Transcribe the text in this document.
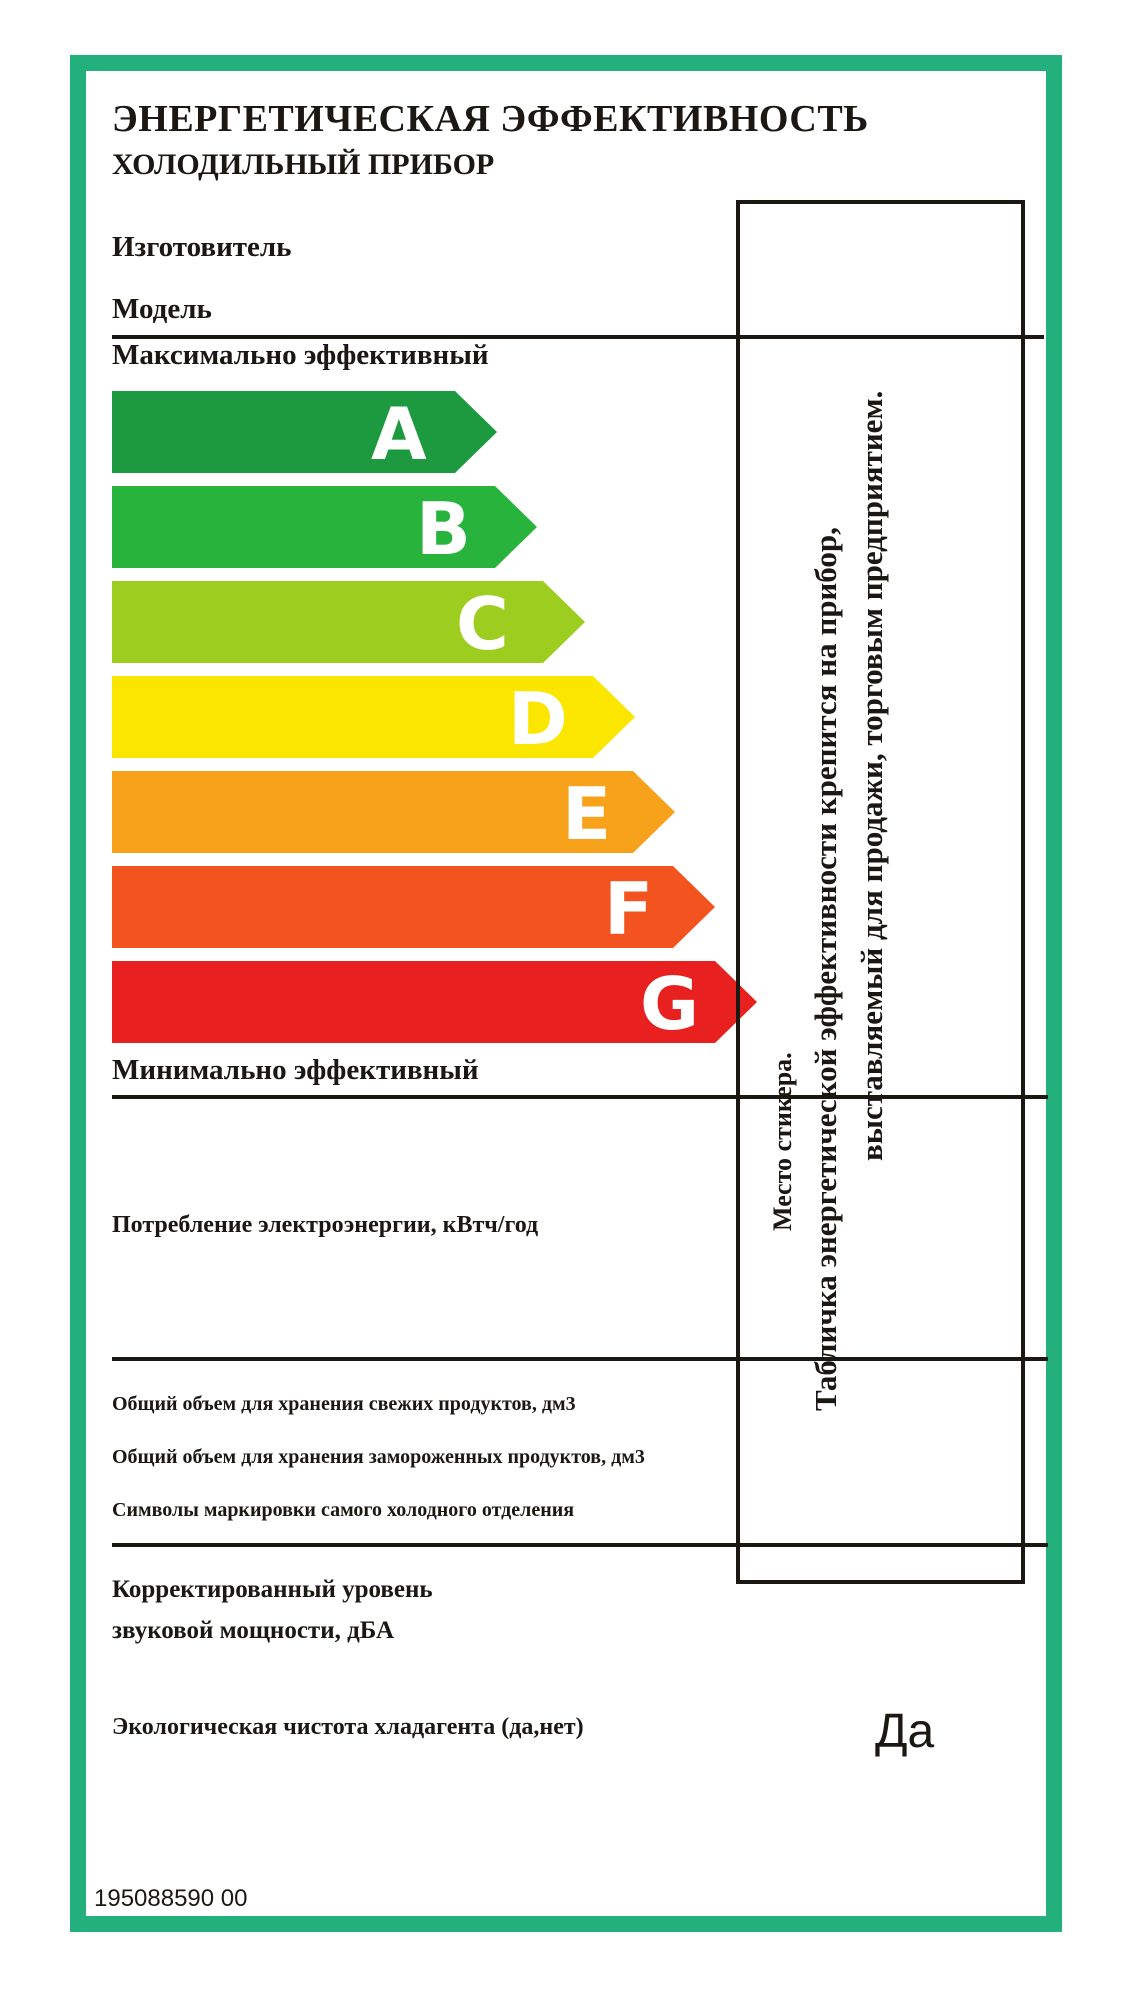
ЭНЕРГЕТИЧЕСКАЯ ЭФФЕКТИВНОСТЬ
ХОЛОДИЛЬНЫЙ ПРИБОР
Изготовитель
Модель
Максимально эффективный
A
B
C
D
E
F
G
Минимально эффективный
Потребление электроэнергии, кВтч/год
Общий объем для хранения свежих продуктов, дм3
Общий объем для хранения замороженных продуктов, дм3
Символы маркировки самого холодного отделения
Корректированный уровень
звуковой мощности, дБА
Экологическая чистота хладагента (да,нет)	Да
195088590 00
Место стикера. Табличка энергетической эффективности крепится на прибор, выставляемый для продажи, торговым предприятием.
